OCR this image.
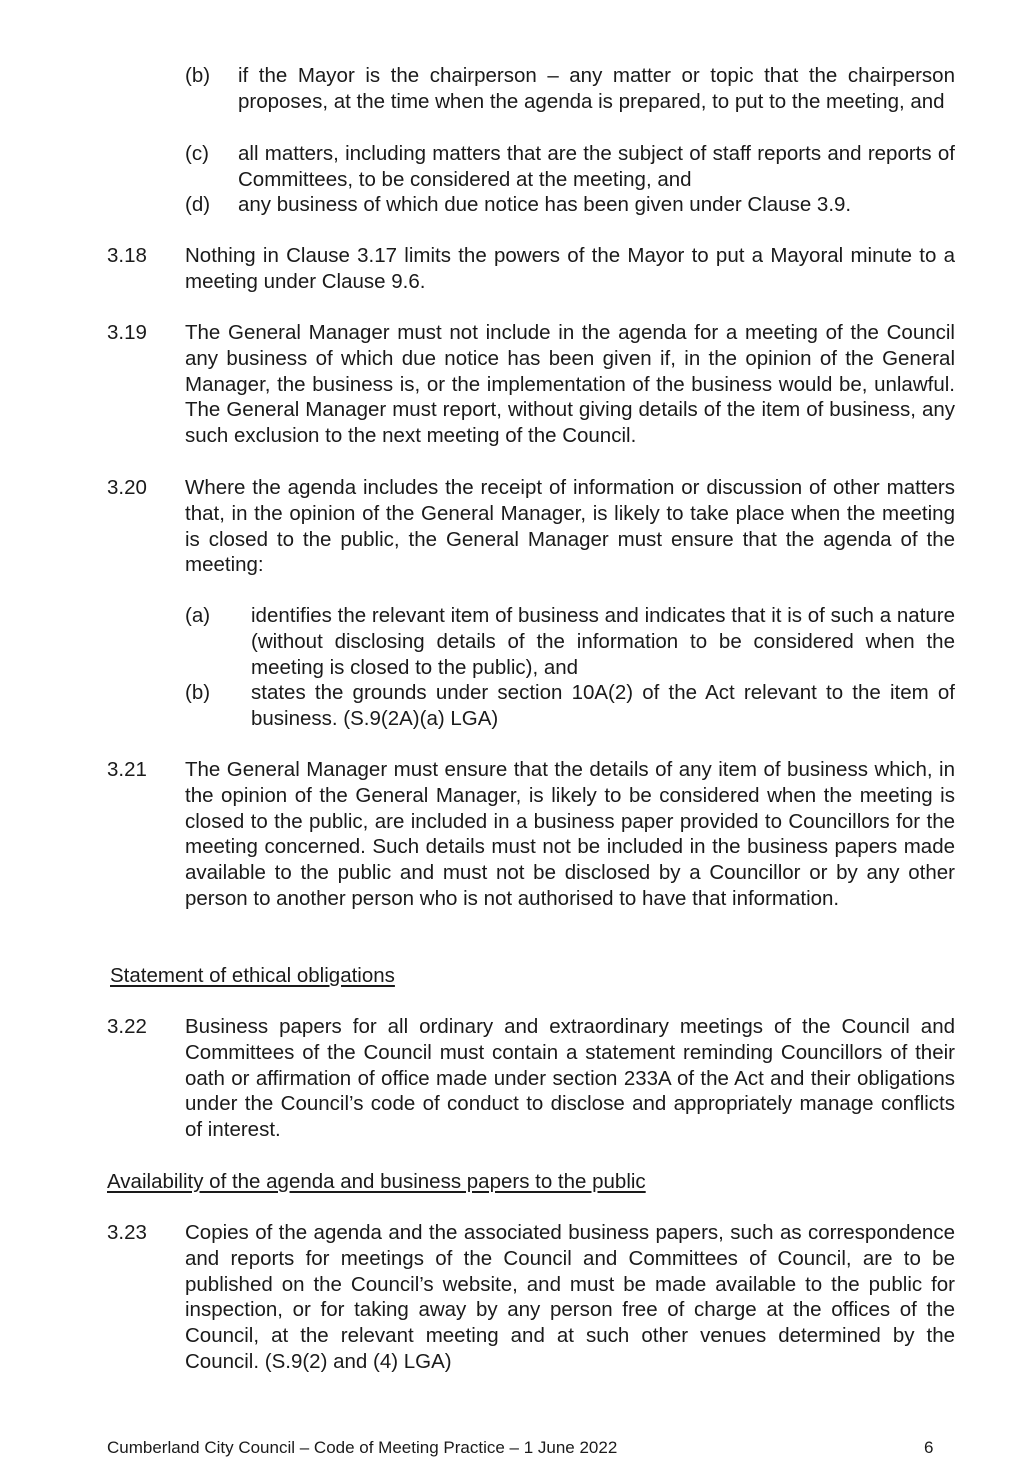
(b) if the Mayor is the chairperson – any matter or topic that the chairperson proposes, at the time when the agenda is prepared, to put to the meeting, and
(c) all matters, including matters that are the subject of staff reports and reports of Committees, to be considered at the meeting, and
(d) any business of which due notice has been given under Clause 3.9.
3.18 Nothing in Clause 3.17 limits the powers of the Mayor to put a Mayoral minute to a meeting under Clause 9.6.
3.19 The General Manager must not include in the agenda for a meeting of the Council any business of which due notice has been given if, in the opinion of the General Manager, the business is, or the implementation of the business would be, unlawful. The General Manager must report, without giving details of the item of business, any such exclusion to the next meeting of the Council.
3.20 Where the agenda includes the receipt of information or discussion of other matters that, in the opinion of the General Manager, is likely to take place when the meeting is closed to the public, the General Manager must ensure that the agenda of the meeting:
(a) identifies the relevant item of business and indicates that it is of such a nature (without disclosing details of the information to be considered when the meeting is closed to the public), and
(b) states the grounds under section 10A(2) of the Act relevant to the item of business. (S.9(2A)(a) LGA)
3.21 The General Manager must ensure that the details of any item of business which, in the opinion of the General Manager, is likely to be considered when the meeting is closed to the public, are included in a business paper provided to Councillors for the meeting concerned. Such details must not be included in the business papers made available to the public and must not be disclosed by a Councillor or by any other person to another person who is not authorised to have that information.
Statement of ethical obligations
3.22 Business papers for all ordinary and extraordinary meetings of the Council and Committees of the Council must contain a statement reminding Councillors of their oath or affirmation of office made under section 233A of the Act and their obligations under the Council’s code of conduct to disclose and appropriately manage conflicts of interest.
Availability of the agenda and business papers to the public
3.23 Copies of the agenda and the associated business papers, such as correspondence and reports for meetings of the Council and Committees of Council, are to be published on the Council’s website, and must be made available to the public for inspection, or for taking away by any person free of charge at the offices of the Council, at the relevant meeting and at such other venues determined by the Council. (S.9(2) and (4) LGA)
Cumberland City Council – Code of Meeting Practice – 1 June 2022	6
